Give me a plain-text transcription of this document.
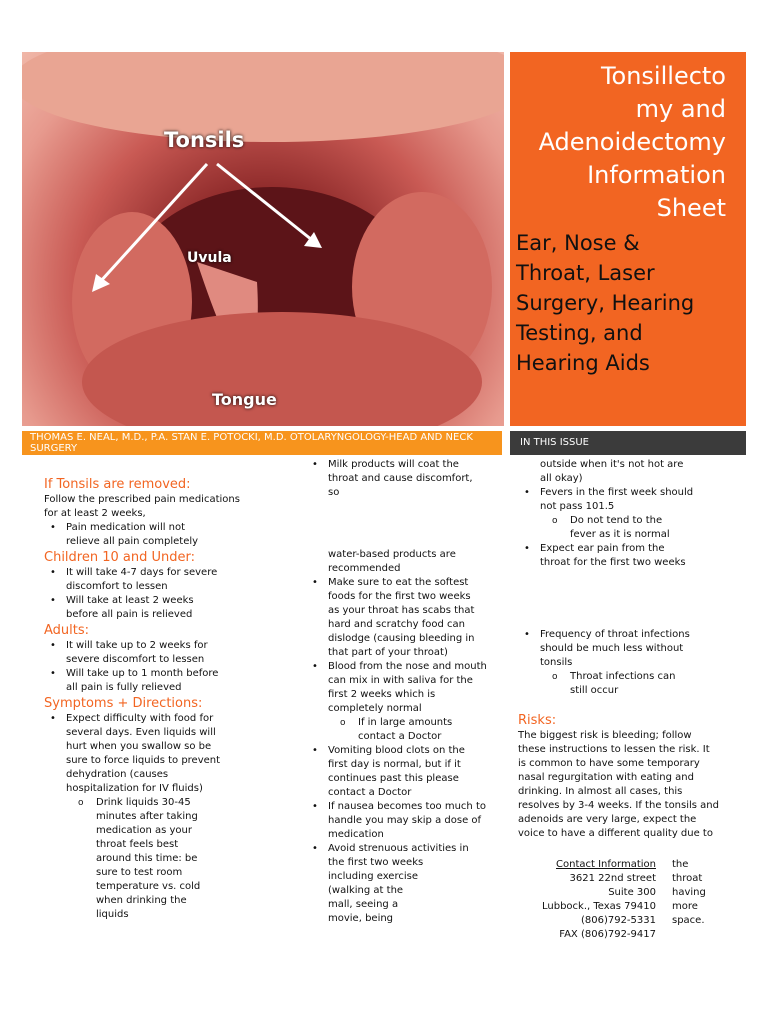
Tonsils
Uvula
Tongue
Tonsillecto
my and
Adenoidectomy
Information
Sheet
Ear, Nose &
Throat, Laser
Surgery, Hearing
Testing, and
Hearing Aids
THOMAS E. NEAL, M.D., P.A. STAN E. POTOCKI, M.D. OTOLARYNGOLOGY-HEAD AND NECK SURGERY
IN THIS ISSUE
If Tonsils are removed:
Follow the prescribed pain medications
for at least 2 weeks,
• Pain medication will not
relieve all pain completely
Children 10 and Under:
• It will take 4-7 days for severe
discomfort to lessen
• Will take at least 2 weeks
before all pain is relieved
Adults:
• It will take up to 2 weeks for
severe discomfort to lessen
• Will take up to 1 month before
all pain is fully relieved
Symptoms + Directions:
• Expect difficulty with food for
several days. Even liquids will
hurt when you swallow so be
sure to force liquids to prevent
dehydration (causes
hospitalization for IV fluids)
o Drink liquids 30-45
minutes after taking
medication as your
throat feels best
around this time: be
sure to test room
temperature vs. cold
when drinking the
liquids
• Milk products will coat the
throat and cause discomfort,
so
water-based products are
recommended
• Make sure to eat the softest
foods for the first two weeks
as your throat has scabs that
hard and scratchy food can
dislodge (causing bleeding in
that part of your throat)
• Blood from the nose and mouth
can mix in with saliva for the
first 2 weeks which is
completely normal
o If in large amounts
contact a Doctor
• Vomiting blood clots on the
first day is normal, but if it
continues past this please
contact a Doctor
• If nausea becomes too much to
handle you may skip a dose of
medication
• Avoid strenuous activities in
the first two weeks
including exercise
(walking at the
mall, seeing a
movie, being
outside when it's not hot are
all okay)
• Fevers in the first week should
not pass 101.5
o Do not tend to the
fever as it is normal
• Expect ear pain from the
throat for the first two weeks
• Frequency of throat infections
should be much less without
tonsils
o Throat infections can
still occur
Risks:
The biggest risk is bleeding; follow
these instructions to lessen the risk. It
is common to have some temporary
nasal regurgitation with eating and
drinking. In almost all cases, this
resolves by 3-4 weeks. If the tonsils and
adenoids are very large, expect the
voice to have a different quality due to
Contact Information
3621 22nd street
Suite 300
Lubbock., Texas 79410
(806)792-5331
FAX (806)792-9417
the
throat
having
more
space.
